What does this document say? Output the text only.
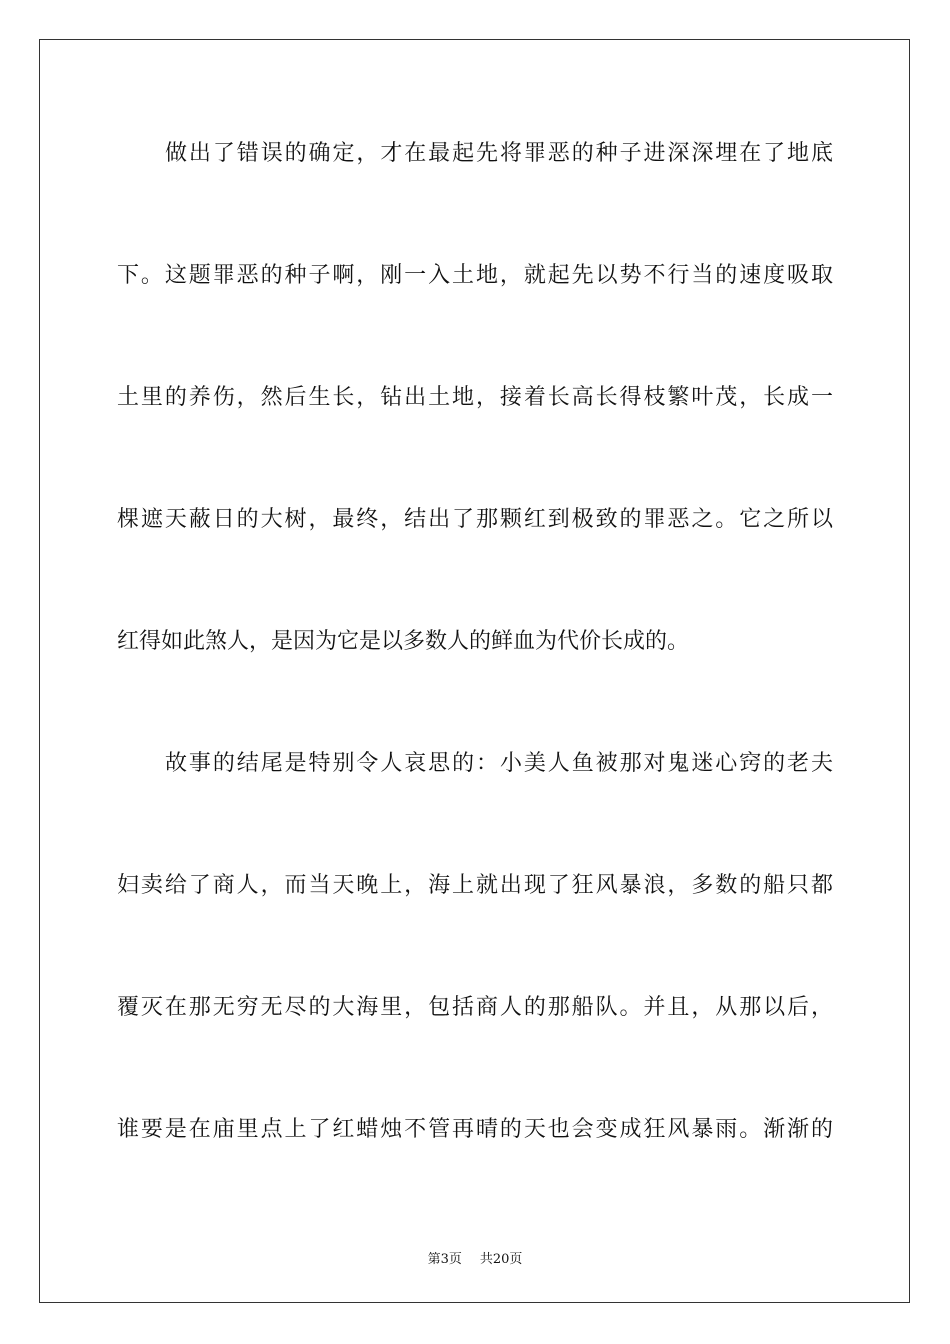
做出了错误的确定，才在最起先将罪恶的种子进深深埋在了地底
下。这题罪恶的种子啊，刚一入土地，就起先以势不行当的速度吸取
土里的养伤，然后生长，钻出土地，接着长高长得枝繁叶茂，长成一
棵遮天蔽日的大树，最终，结出了那颗红到极致的罪恶之。它之所以
红得如此煞人，是因为它是以多数人的鲜血为代价长成的。
故事的结尾是特别令人哀思的：小美人鱼被那对鬼迷心窍的老夫
妇卖给了商人，而当天晚上，海上就出现了狂风暴浪，多数的船只都
覆灭在那无穷无尽的大海里，包括商人的那船队。并且，从那以后，
谁要是在庙里点上了红蜡烛不管再晴的天也会变成狂风暴雨。渐渐的
第3页 共20页
